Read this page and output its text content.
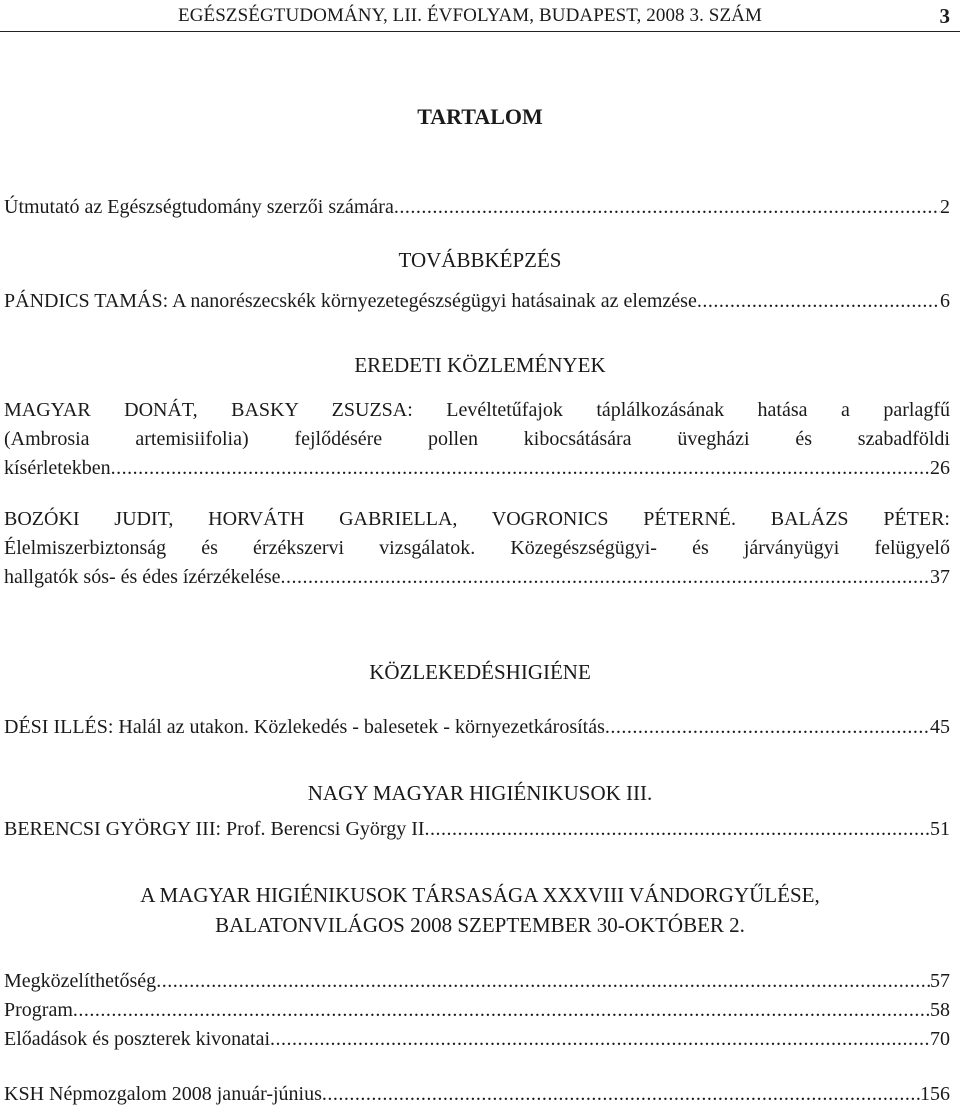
EGÉSZSÉGTUDOMÁNY, LII. ÉVFOLYAM, BUDAPEST, 2008 3. SZÁM	3
TARTALOM
Útmutató az Egészségtudomány szerzői számára .....	2
TOVÁBBKÉPZÉS
PÁNDICS TAMÁS: A nanorészecskék környezetegészségügyi hatásainak az elemzése .....	6
EREDETI KÖZLEMÉNYEK
MAGYAR DONÁT, BASKY ZSUZSA: Levéltetűfajok táplálkozásának hatása a parlagfű
(Ambrosia artemisiifolia) fejlődésére pollen kibocsátására üvegházi és szabadföldi
kísérletekben .....	26
BOZÓKI JUDIT, HORVÁTH GABRIELLA, VOGRONICS PÉTERNÉ. BALÁZS PÉTER:
Élelmiszerbiztonság és érzékszervi vizsgálatok. Közegészségügyi- és járványügyi felügyelő
hallgatók sós- és édes ízérzékelése .....	37
KÖZLEKEDÉSHIGIÉNE
DÉSI ILLÉS: Halál az utakon. Közlekedés - balesetek - környezetkárosítás .....	45
NAGY MAGYAR HIGIÉNIKUSOK III.
BERENCSI GYÖRGY III: Prof. Berencsi György II .....	51
A MAGYAR HIGIÉNIKUSOK TÁRSASÁGA XXXVIII VÁNDORGYŰLÉSE,
BALATONVILÁGOS 2008 SZEPTEMBER 30-OKTÓBER 2.
Megközelíthetőség .....	57
Program .....	58
Előadások és poszterek kivonatai .....	70
KSH Népmozgalom 2008 január-június .....	156
